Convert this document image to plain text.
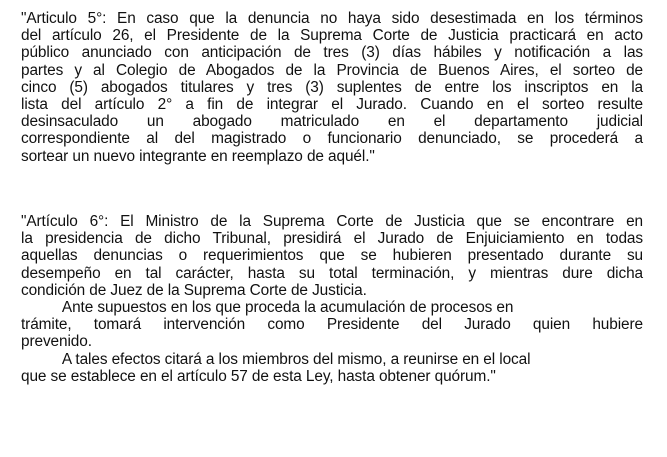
"Articulo 5°: En caso que la denuncia no haya sido desestimada en los términos
del artículo 26, el Presidente de la Suprema Corte de Justicia practicará en acto
público anunciado con anticipación de tres (3) días hábiles y notificación a las
partes y al Colegio de Abogados de la Provincia de Buenos Aires, el sorteo de
cinco (5) abogados titulares y tres (3) suplentes de entre los inscriptos en la
lista del artículo 2° a fin de integrar el Jurado. Cuando en el sorteo resulte
desinsaculado un abogado matriculado en el departamento judicial
correspondiente al del magistrado o funcionario denunciado, se procederá a
sortear un nuevo integrante en reemplazo de aquél."
"Artículo 6°: El Ministro de la Suprema Corte de Justicia que se encontrare en
la presidencia de dicho Tribunal, presidirá el Jurado de Enjuiciamiento en todas
aquellas denuncias o requerimientos que se hubieren presentado durante su
desempeño en tal carácter, hasta su total terminación, y mientras dure dicha
condición de Juez de la Suprema Corte de Justicia.
Ante supuestos en los que proceda la acumulación de procesos en
trámite, tomará intervención como Presidente del Jurado quien hubiere
prevenido.
A tales efectos citará a los miembros del mismo, a reunirse en el local
que se establece en el artículo 57 de esta Ley, hasta obtener quórum."
